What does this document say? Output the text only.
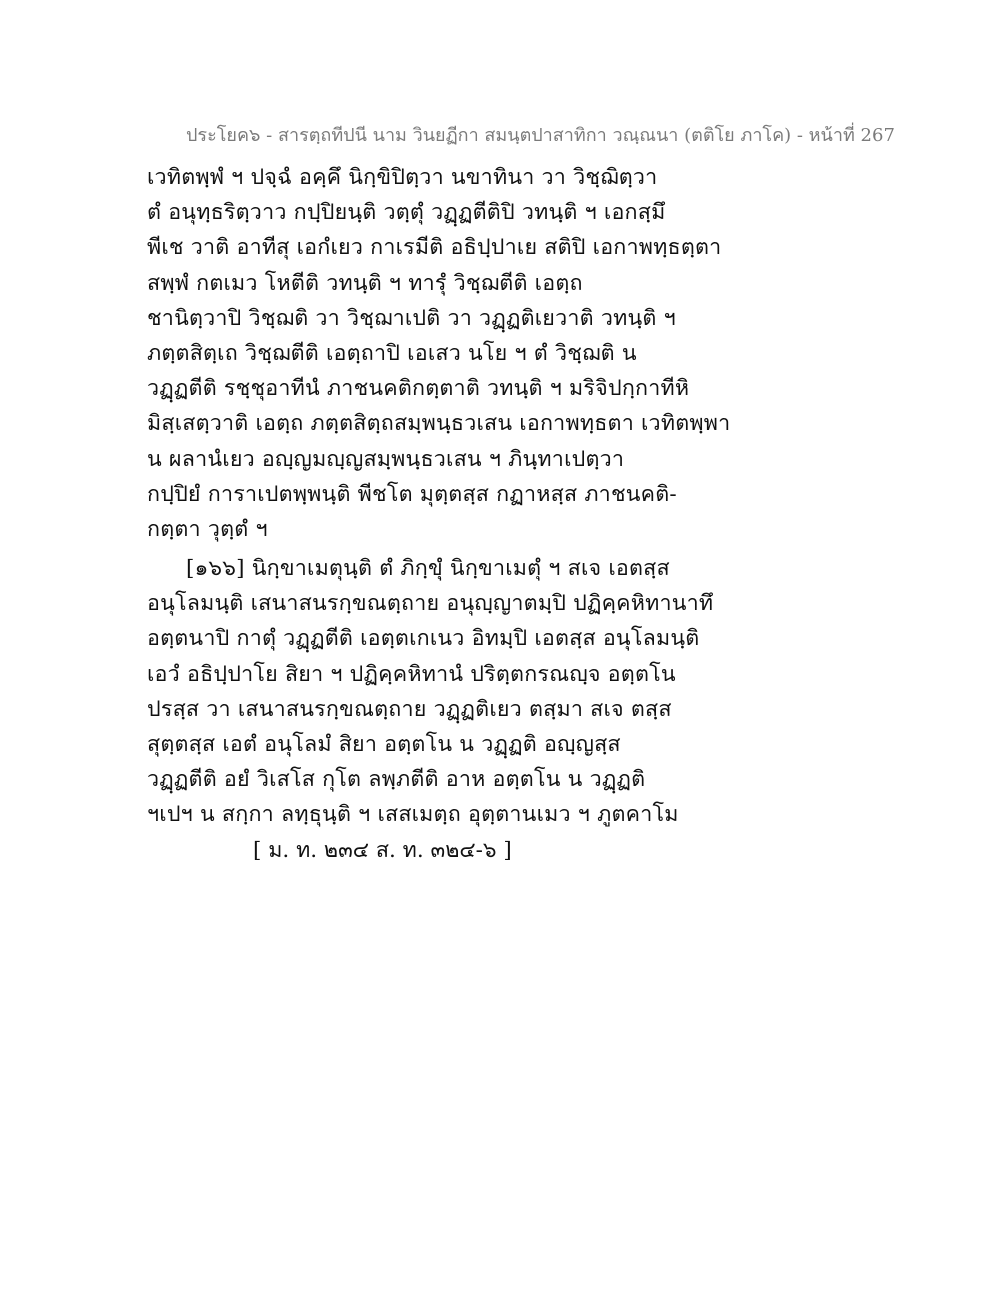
ประโยค๖ - สารตฺถทีปนี นาม วินยฏีกา สมนฺตปาสาทิกา วณฺณนา (ตติโย ภาโค) - หน้าที่ 267
เวทิตพฺพํ ฯ ปจฺฉํ อคฺคึ นิกฺขิปิตฺวา นขาทินา วา วิชฺฌิตฺวา
ตํ อนุทฺธริตฺวาว กปฺปิยนฺติ วตฺตุํ วฏฺฏตีติปิ วทนฺติ ฯ เอกสฺมึ
พีเช วาติ อาทีสุ เอกํเยว กาเรมีติ อธิปฺปาเย สติปิ เอกาพทฺธตฺตา
สพฺพํ กตเมว โหตีติ วทนฺติ ฯ ทารุํ วิชฺฌตีติ เอตฺถ
ชานิตฺวาปิ วิชฺฌติ วา วิชฺฌาเปติ วา วฏฺฏติเยวาติ วทนฺติ ฯ
ภตฺตสิตฺเถ วิชฺฌตีติ เอตฺถาปิ เอเสว นโย ฯ ตํ วิชฺฌติ น
วฏฺฏตีติ รชฺชุอาทีนํ ภาชนคติกตฺตาติ วทนฺติ ฯ มริจิปกฺกาทีหิ
มิสฺเสตฺวาติ เอตฺถ ภตฺตสิตฺถสมฺพนฺธวเสน เอกาพทฺธตา เวทิตพฺพา
น ผลานํเยว อญฺญมญฺญสมฺพนฺธวเสน ฯ ภินฺทาเปตฺวา
กปฺปิยํ การาเปตพฺพนฺติ พีชโต มุตฺตสฺส กฏาหสฺส ภาชนคติ-
กตฺตา วุตฺตํ ฯ
[๑๖๖] นิกฺขาเมตุนฺติ ตํ ภิกฺขุํ นิกฺขาเมตุํ ฯ สเจ เอตสฺส
อนุโลมนฺติ เสนาสนรกฺขณตฺถาย อนุญฺญาตมฺปิ ปฏิคฺคหิทานาทึ
อตฺตนาปิ กาตุํ วฏฺฏตีติ เอตฺตเกเนว อิทมฺปิ เอตสฺส อนุโลมนฺติ
เอวํ อธิปฺปาโย สิยา ฯ ปฏิคฺคหิทานํ ปริตฺตกรณญฺจ อตฺตโน
ปรสฺส วา เสนาสนรกฺขณตฺถาย วฏฺฏติเยว ตสฺมา สเจ ตสฺส
สุตฺตสฺส เอตํ อนุโลมํ สิยา อตฺตโน น วฏฺฏติ อญฺญสฺส
วฏฺฏตีติ อยํ วิเสโส กุโต ลพฺภตีติ อาห อตฺตโน น วฏฺฏติ
ฯเปฯ น สกฺกา ลทฺธุนฺติ ฯ เสสเมตฺถ อุตฺตานเมว ฯ ภูตคาโม
[ ม. ท. ๒๓๔ ส. ท. ๓๒๔-๖ ]
